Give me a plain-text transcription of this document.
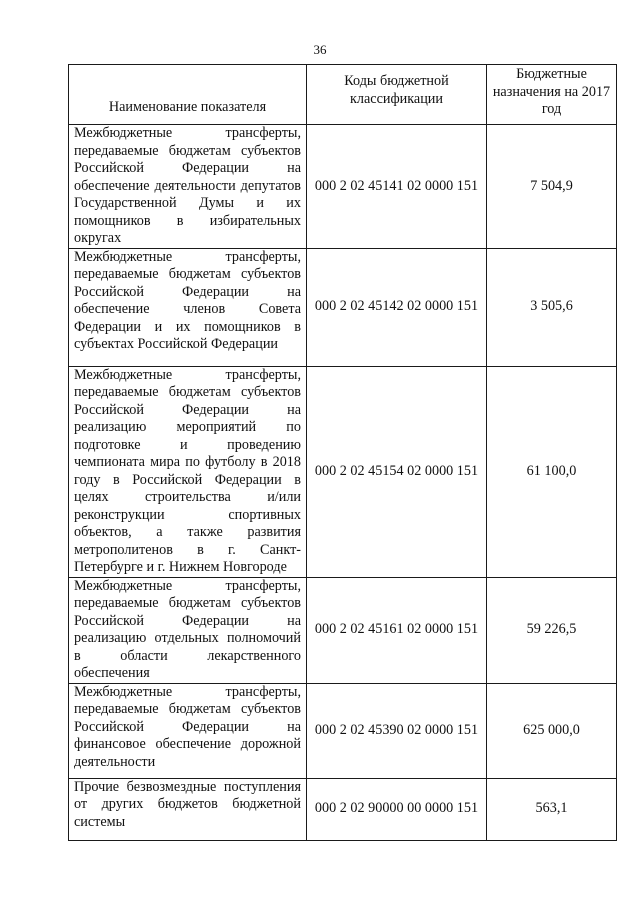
36
Наименование показателя	Коды бюджетной классификации	Бюджетные назначения на 2017 год
Межбюджетные трансферты, передаваемые бюджетам субъектов Российской Федерации на обеспечение деятельности депутатов Государственной Думы и их помощников в избирательных округах	000 2 02 45141 02 0000 151	7 504,9
Межбюджетные трансферты, передаваемые бюджетам субъектов Российской Федерации на обеспечение членов Совета Федерации и их помощников в субъектах Российской Федерации	000 2 02 45142 02 0000 151	3 505,6
Межбюджетные трансферты, передаваемые бюджетам субъектов Российской Федерации на реализацию мероприятий по подготовке и проведению чемпионата мира по футболу в 2018 году в Российской Федерации в целях строительства и/или реконструкции спортивных объектов, а также развития метрополитенов в г. Санкт-Петербурге и г. Нижнем Новгороде	000 2 02 45154 02 0000 151	61 100,0
Межбюджетные трансферты, передаваемые бюджетам субъектов Российской Федерации на реализацию отдельных полномочий в области лекарственного обеспечения	000 2 02 45161 02 0000 151	59 226,5
Межбюджетные трансферты, передаваемые бюджетам субъектов Российской Федерации на финансовое обеспечение дорожной деятельности	000 2 02 45390 02 0000 151	625 000,0
Прочие безвозмездные поступления от других бюджетов бюджетной системы	000 2 02 90000 00 0000 151	563,1
